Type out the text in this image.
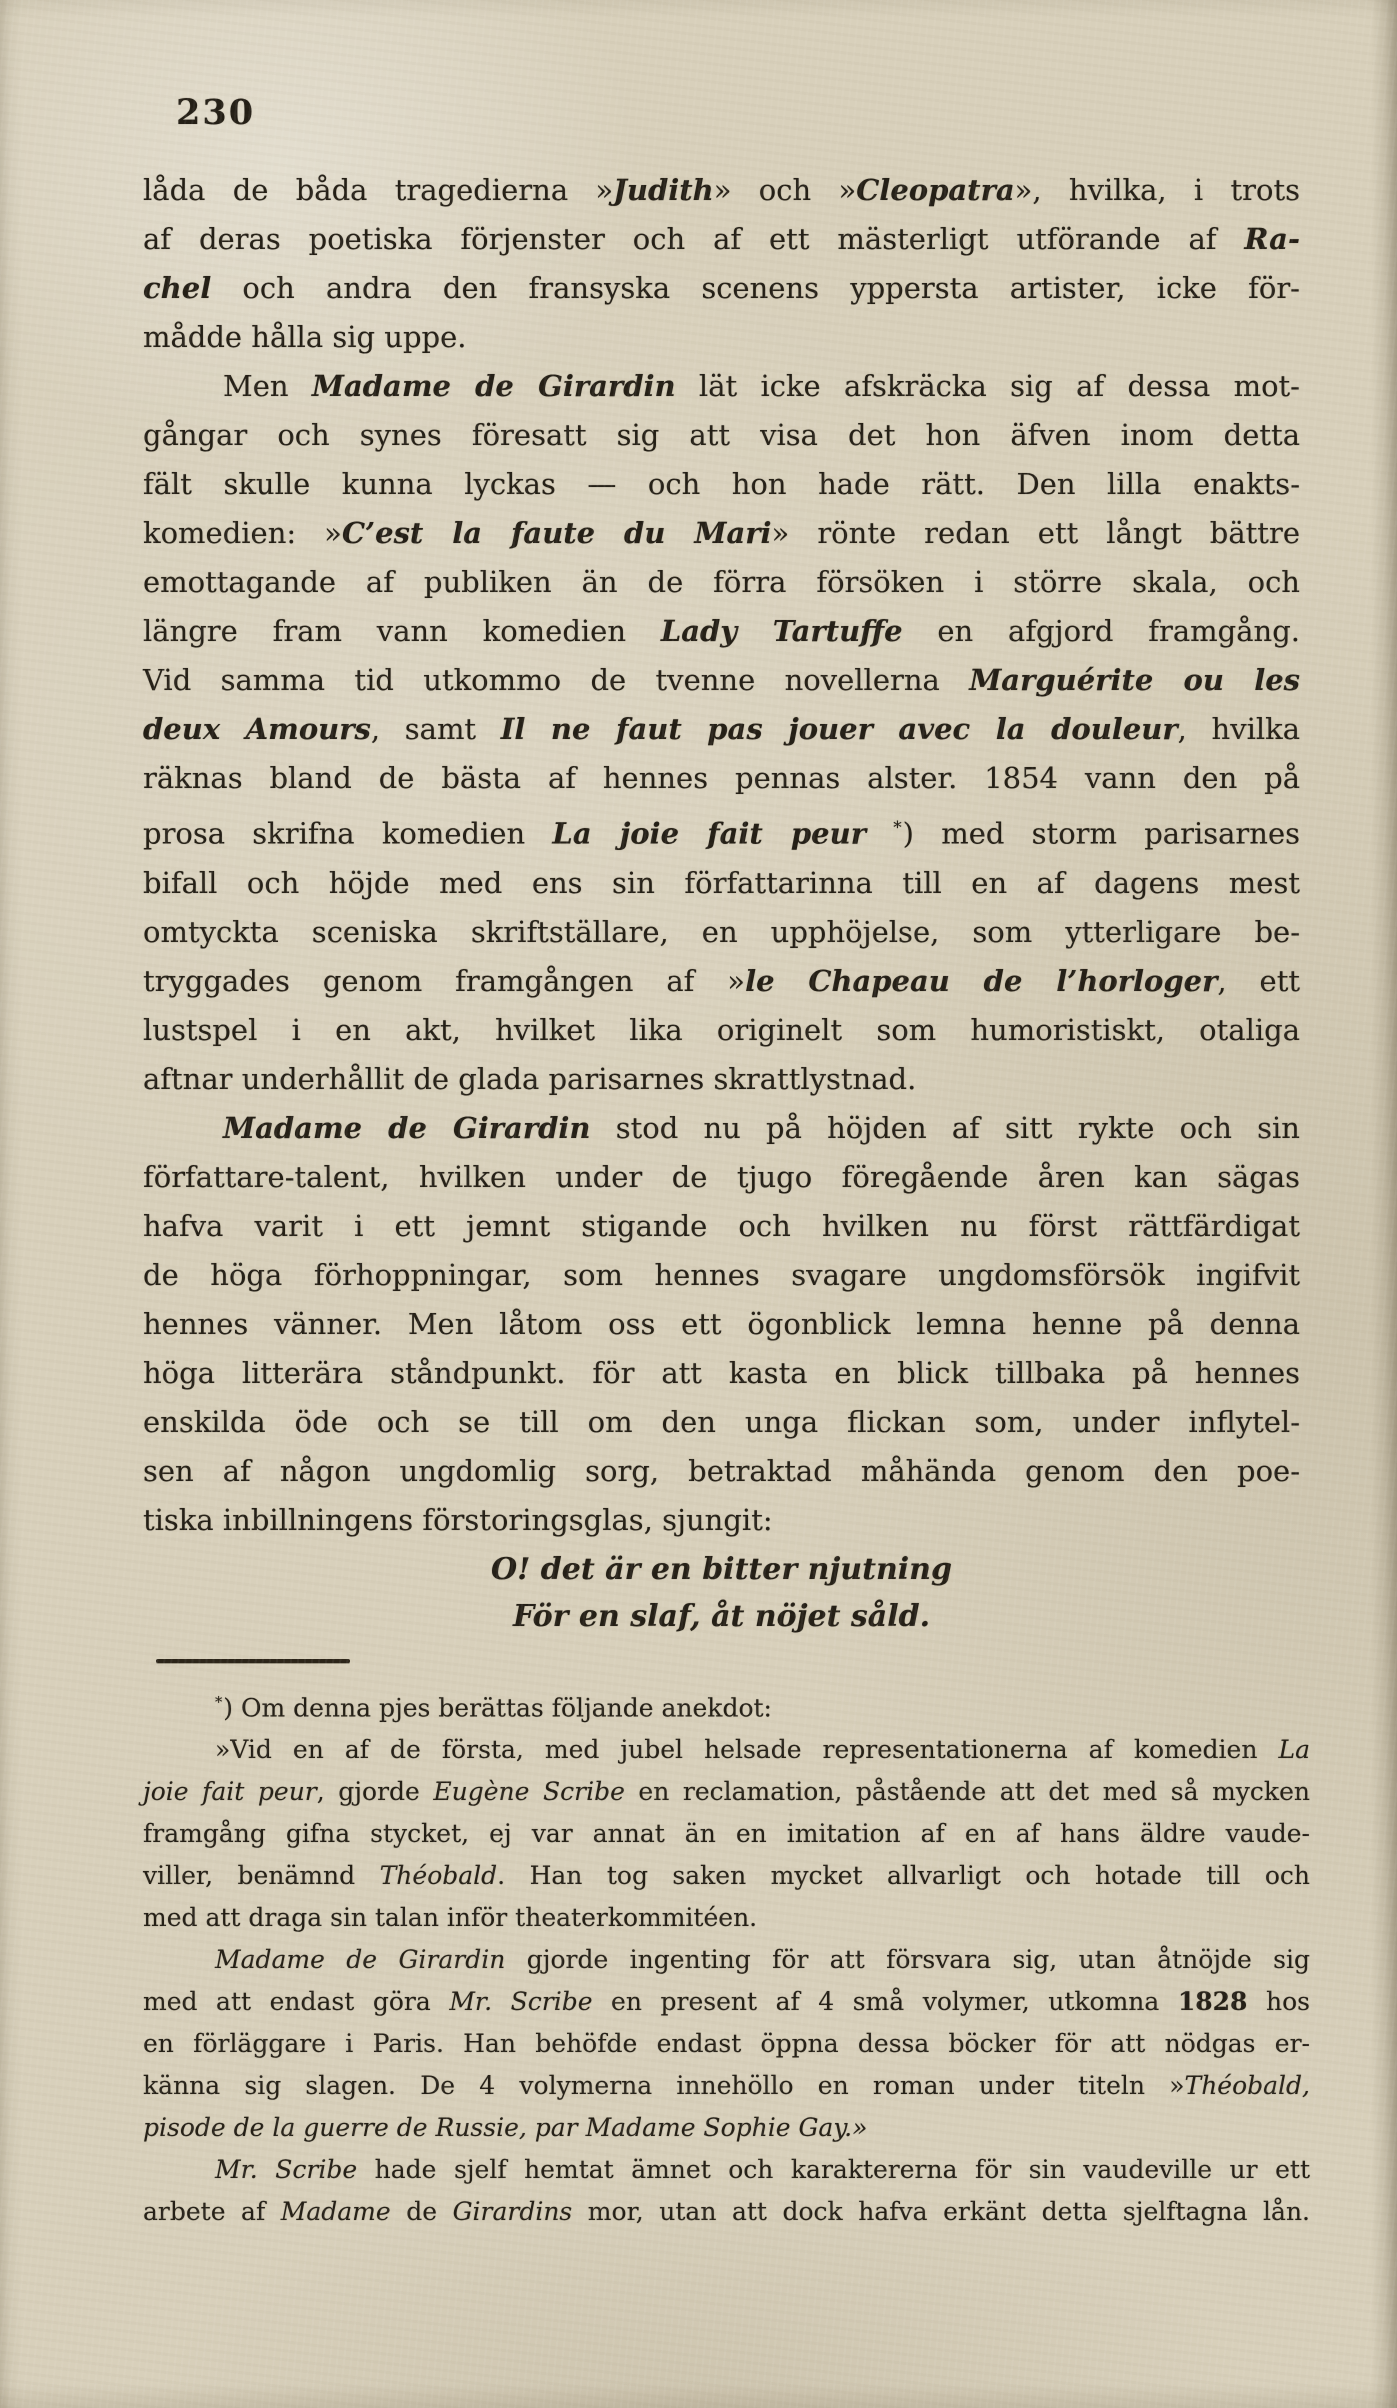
230
låda de båda tragedierna »Judith» och »Cleopatra», hvilka, i trots
af deras poetiska förjenster och af ett mästerligt utförande af Ra-
chel och andra den fransyska scenens yppersta artister, icke för-
mådde hålla sig uppe.
Men Madame de Girardin lät icke afskräcka sig af dessa mot-
gångar och synes föresatt sig att visa det hon äfven inom detta
fält skulle kunna lyckas — och hon hade rätt. Den lilla enakts-
komedien: »C’est la faute du Mari» rönte redan ett långt bättre
emottagande af publiken än de förra försöken i större skala, och
längre fram vann komedien Lady Tartuffe en afgjord framgång.
Vid samma tid utkommo de tvenne novellerna Marguérite ou les
deux Amours, samt Il ne faut pas jouer avec la douleur, hvilka
räknas bland de bästa af hennes pennas alster. 1854 vann den på
prosa skrifna komedien La joie fait peur *) med storm parisarnes
bifall och höjde med ens sin författarinna till en af dagens mest
omtyckta sceniska skriftställare, en upphöjelse, som ytterligare be-
tryggades genom framgången af »le Chapeau de l’horloger, ett
lustspel i en akt, hvilket lika originelt som humoristiskt, otaliga
aftnar underhållit de glada parisarnes skrattlystnad.
Madame de Girardin stod nu på höjden af sitt rykte och sin
författare-talent, hvilken under de tjugo föregående åren kan sägas
hafva varit i ett jemnt stigande och hvilken nu först rättfärdigat
de höga förhoppningar, som hennes svagare ungdomsförsök ingifvit
hennes vänner. Men låtom oss ett ögonblick lemna henne på denna
höga litterära ståndpunkt. för att kasta en blick tillbaka på hennes
enskilda öde och se till om den unga flickan som, under inflytel-
sen af någon ungdomlig sorg, betraktad måhända genom den poe-
tiska inbillningens förstoringsglas, sjungit:
O! det är en bitter njutning
För en slaf, åt nöjet såld.
*) Om denna pjes berättas följande anekdot:
»Vid en af de första, med jubel helsade representationerna af komedien La
joie fait peur, gjorde Eugène Scribe en reclamation, påstående att det med så mycken
framgång gifna stycket, ej var annat än en imitation af en af hans äldre vaude-
viller, benämnd Théobald. Han tog saken mycket allvarligt och hotade till och
med att draga sin talan inför theaterkommitéen.
Madame de Girardin gjorde ingenting för att försvara sig, utan åtnöjde sig
med att endast göra Mr. Scribe en present af 4 små volymer, utkomna 1828 hos
en förläggare i Paris. Han behöfde endast öppna dessa böcker för att nödgas er-
känna sig slagen. De 4 volymerna innehöllo en roman under titeln »Théobald,
pisode de la guerre de Russie, par Madame Sophie Gay.»
Mr. Scribe hade sjelf hemtat ämnet och karaktererna för sin vaudeville ur ett
arbete af Madame de Girardins mor, utan att dock hafva erkänt detta sjelftagna lån.
